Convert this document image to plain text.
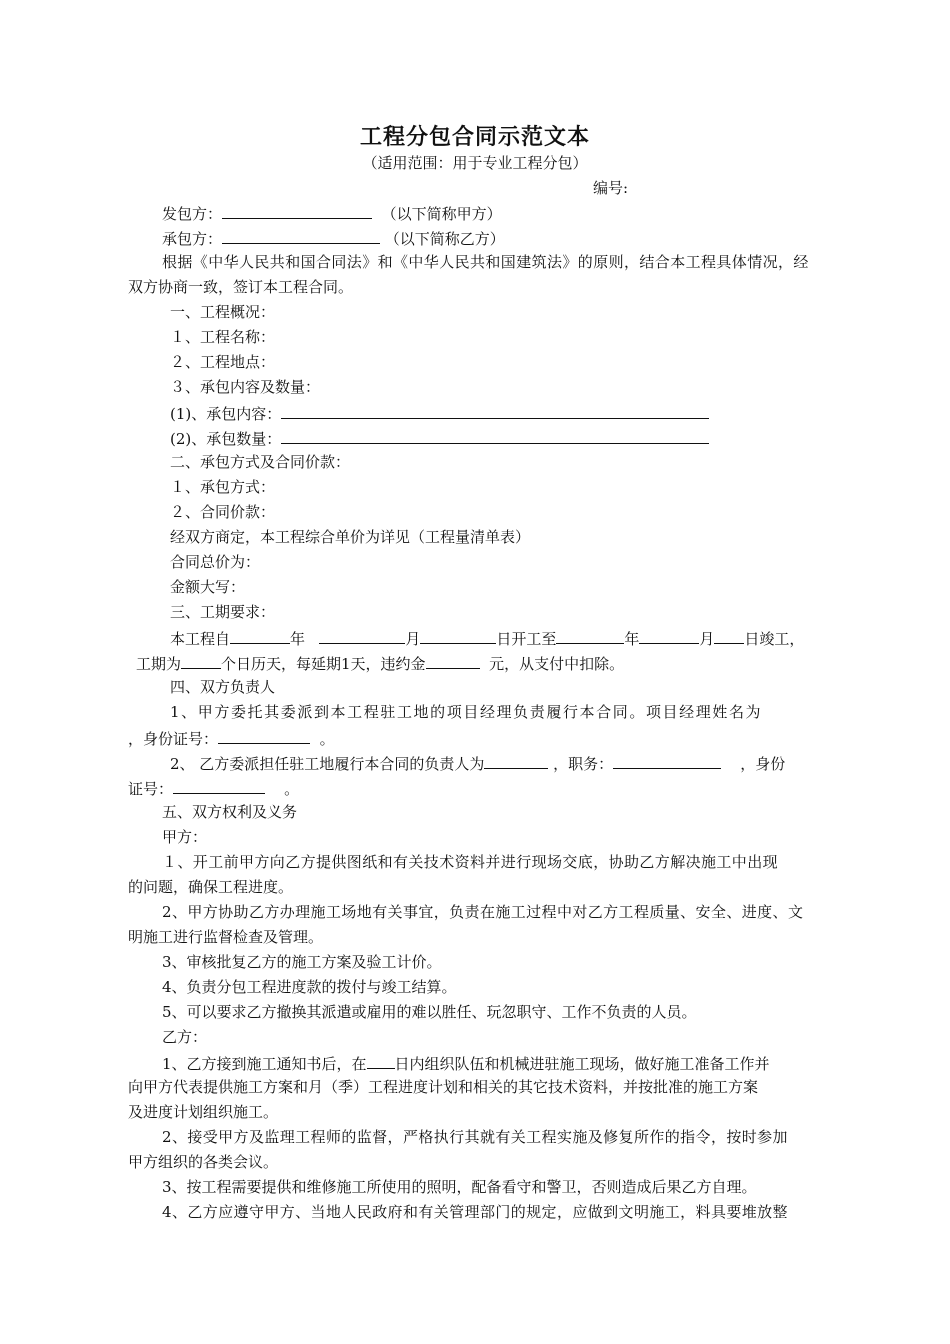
工程分包合同示范文本
（适用范围：用于专业工程分包）
编号:
发包方：	（以下简称甲方）
承包方：	（以下简称乙方）
根据《中华人民共和国合同法》和《中华人民共和国建筑法》的原则，结合本工程具体情况，经
双方协商一致，签订本工程合同。
一、工程概况：
１、工程名称：
２、工程地点：
３、承包内容及数量：
(1)、承包内容：
(2)、承包数量：
二、承包方式及合同价款：
１、承包方式：
２、合同价款：
经双方商定，本工程综合单价为详见（工程量清单表）
合同总价为：
金额大写：
三、工期要求：
本工程自	年	月	日开工至	年	月 日竣工，
工期为	个日历天，每延期1天，违约金	元，从支付中扣除。
四、双方负责人
1、甲方委托其委派到本工程驻工地的项目经理负责履行本合同。项目经理姓名为
，身份证号：	。
2、 乙方委派担任驻工地履行本合同的负责人为	，职务：	，身份
证号：	。
五、双方权利及义务
甲方：
１、开工前甲方向乙方提供图纸和有关技术资料并进行现场交底，协助乙方解决施工中出现
的问题，确保工程进度。
2、甲方协助乙方办理施工场地有关事宜，负责在施工过程中对乙方工程质量、安全、进度、文
明施工进行监督检查及管理。
3、审核批复乙方的施工方案及验工计价。
4、负责分包工程进度款的拨付与竣工结算。
5、可以要求乙方撤换其派遣或雇用的难以胜任、玩忽职守、工作不负责的人员。
乙方：
1、乙方接到施工通知书后，在 日内组织队伍和机械进驻施工现场，做好施工准备工作并
向甲方代表提供施工方案和月（季）工程进度计划和相关的其它技术资料，并按批准的施工方案
及进度计划组织施工。
2、接受甲方及监理工程师的监督，严格执行其就有关工程实施及修复所作的指令，按时参加
甲方组织的各类会议。
3、按工程需要提供和维修施工所使用的照明，配备看守和警卫，否则造成后果乙方自理。
4、乙方应遵守甲方、当地人民政府和有关管理部门的规定，应做到文明施工，料具要堆放整
